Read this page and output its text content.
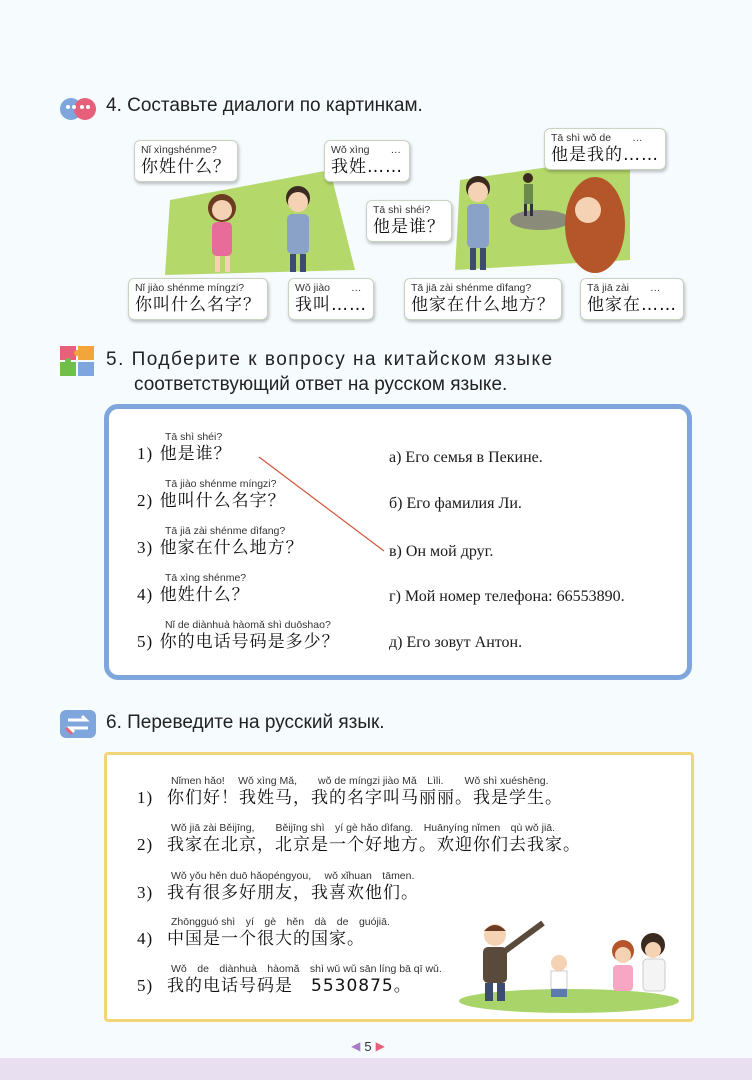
4. Составьте диалоги по картинкам.
Nǐ xìngshénme?
你姓什么？
Wǒ xìng　　…
我姓……
Tā shì shéi?
他是谁？
Tā shì wǒ de　　…
他是我的……
Nǐ jiào shénme míngzi?
你叫什么名字？
Wǒ jiào　　…
我叫……
Tā jiā zài shénme dìfang?
他家在什么地方？
Tā jiā zài　　…
他家在……
5. Подберите к вопросу на китайском языке
соответствующий ответ на русском языке.
Tā shì shéi?
1) 他是谁？
Tā jiào shénme míngzi?
2) 他叫什么名字？
Tā jiā zài shénme dìfang?
3) 他家在什么地方？
Tā xìng shénme?
4) 他姓什么？
Nǐ de diànhuà hàomǎ shì duōshao?
5) 你的电话号码是多少？
а) Его семья в Пекине.
б) Его фамилия Ли.
в) Он мой друг.
г) Мой номер телефона: 66553890.
д) Его зовут Антон.
6. Переведите на русский язык.
Nǐmen hǎo!　 Wǒ xìng Mǎ,　　wǒ de míngzi jiào Mǎ　Lìli.　　Wǒ shì xuéshēng.
1) 你们好！我姓马，我的名字叫马丽丽。我是学生。
Wǒ jiā zài Běijīng,　　Běijīng shì　yí gè hǎo dìfang.　Huānyíng nǐmen　qù wǒ jiā.
2) 我家在北京，北京是一个好地方。欢迎你们去我家。
Wǒ yǒu hěn duō hǎopéngyou,　 wǒ xǐhuan　tāmen.
3) 我有很多好朋友，我喜欢他们。
Zhōngguó shì　yí　gè　hěn　dà　de　guójiā.
4) 中国是一个很大的国家。
Wǒ　de　diànhuà　hàomǎ　shì wǔ wǔ sān líng bā qī wǔ.
5) 我的电话号码是　5530875。
◀ 5 ▶
